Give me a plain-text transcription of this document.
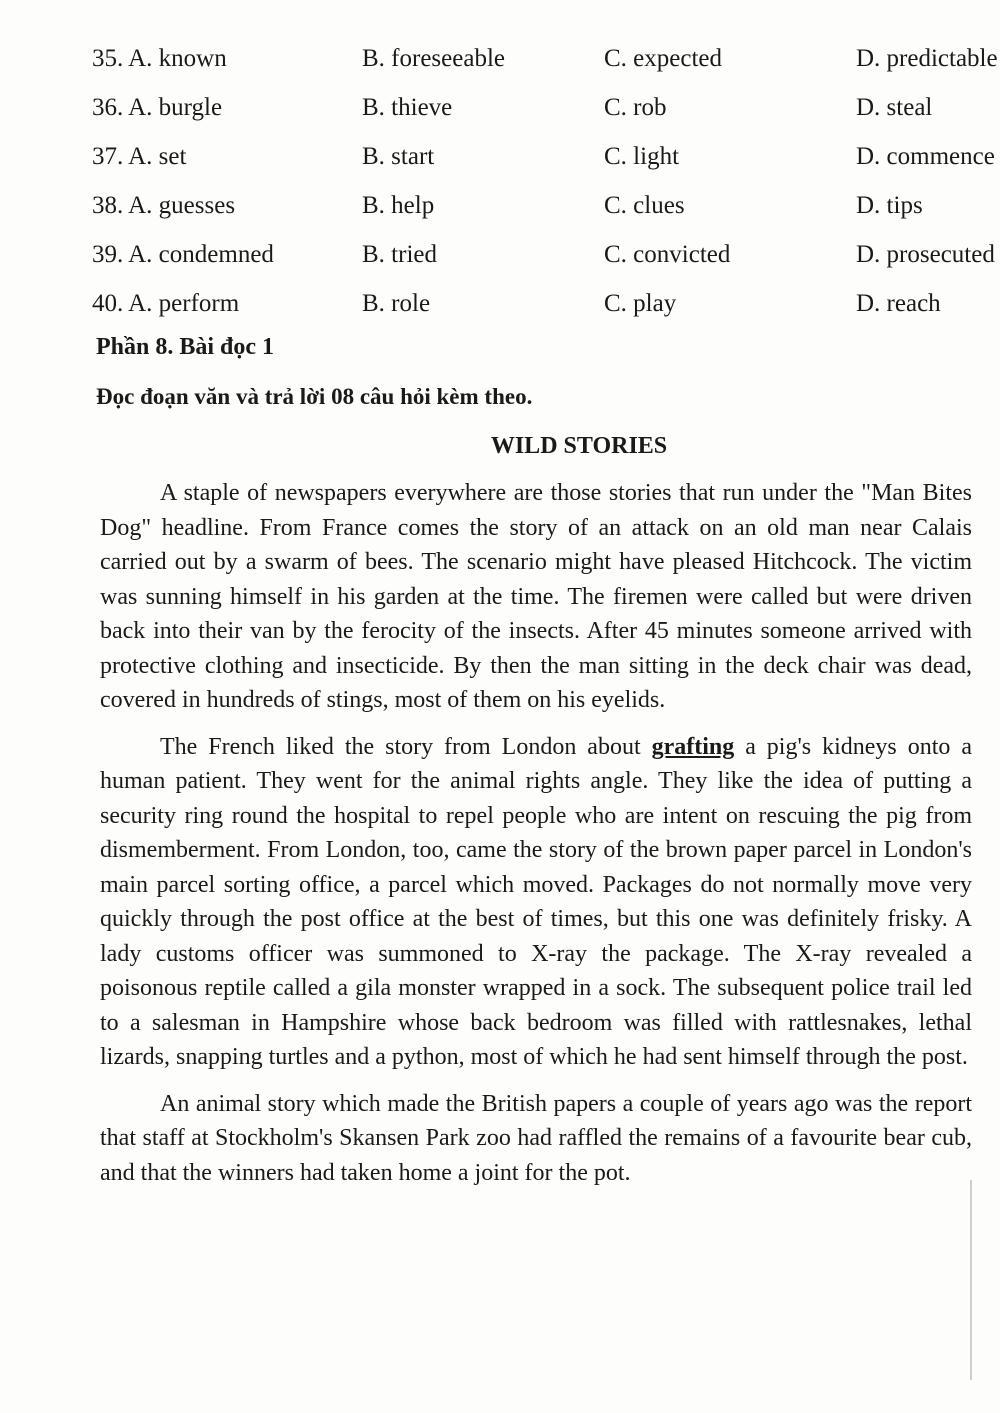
35. A. known	B. foreseeable	C. expected	D. predictable
36. A. burgle	B. thieve	C. rob	D. steal
37. A. set	B. start	C. light	D. commence
38. A. guesses	B. help	C. clues	D. tips
39. A. condemned	B. tried	C. convicted	D. prosecuted
40. A. perform	B. role	C. play	D. reach
Phần 8. Bài đọc 1
Đọc đoạn văn và trả lời 08 câu hỏi kèm theo.
WILD STORIES

A staple of newspapers everywhere are those stories that run under the "Man Bites Dog" headline. From France comes the story of an attack on an old man near Calais carried out by a swarm of bees. The scenario might have pleased Hitchcock. The victim was sunning himself in his garden at the time. The firemen were called but were driven back into their van by the ferocity of the insects. After 45 minutes someone arrived with protective clothing and insecticide. By then the man sitting in the deck chair was dead, covered in hundreds of stings, most of them on his eyelids.

The French liked the story from London about grafting a pig's kidneys onto a human patient. They went for the animal rights angle. They like the idea of putting a security ring round the hospital to repel people who are intent on rescuing the pig from dismemberment. From London, too, came the story of the brown paper parcel in London's main parcel sorting office, a parcel which moved. Packages do not normally move very quickly through the post office at the best of times, but this one was definitely frisky. A lady customs officer was summoned to X-ray the package. The X-ray revealed a poisonous reptile called a gila monster wrapped in a sock. The subsequent police trail led to a salesman in Hampshire whose back bedroom was filled with rattlesnakes, lethal lizards, snapping turtles and a python, most of which he had sent himself through the post.

An animal story which made the British papers a couple of years ago was the report that staff at Stockholm's Skansen Park zoo had raffled the remains of a favourite bear cub, and that the winners had taken home a joint for the pot.
